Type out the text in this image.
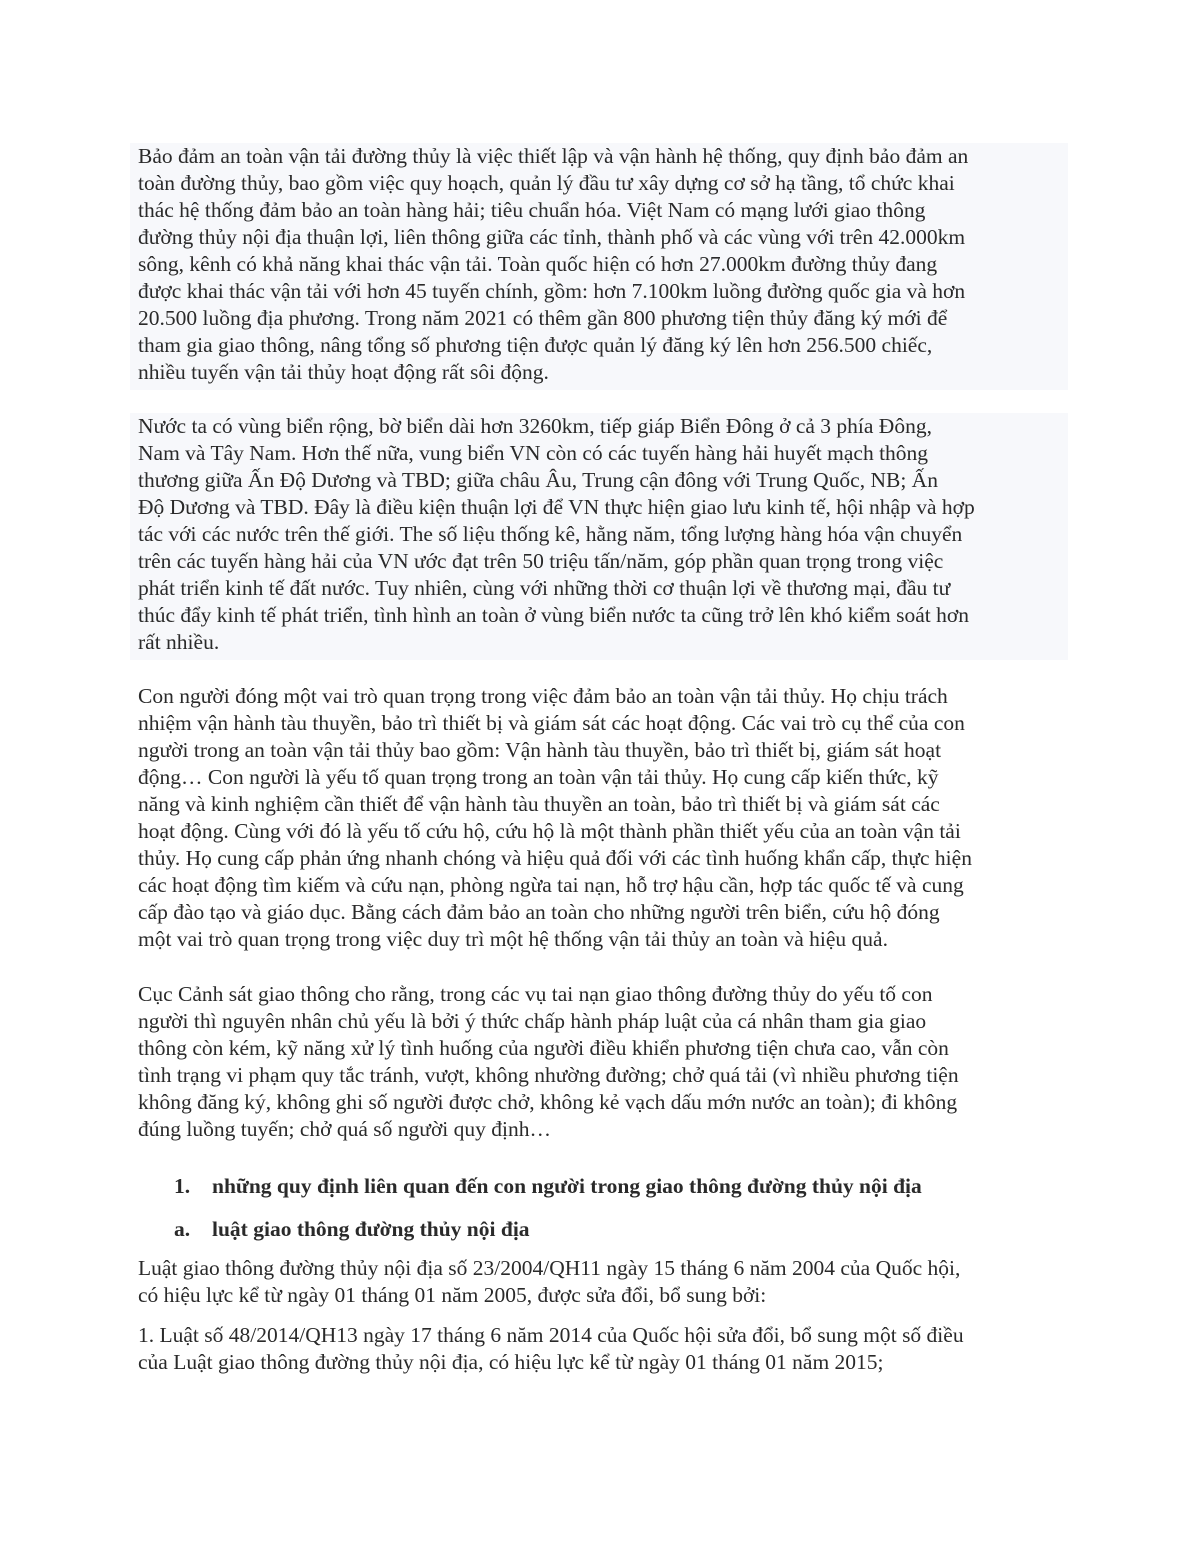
Bảo đảm an toàn vận tải đường thủy là việc thiết lập và vận hành hệ thống, quy định bảo đảm an
toàn đường thủy, bao gồm việc quy hoạch, quản lý đầu tư xây dựng cơ sở hạ tầng, tổ chức khai
thác hệ thống đảm bảo an toàn hàng hải; tiêu chuẩn hóa. Việt Nam có mạng lưới giao thông
đường thủy nội địa thuận lợi, liên thông giữa các tỉnh, thành phố và các vùng với trên 42.000km
sông, kênh có khả năng khai thác vận tải. Toàn quốc hiện có hơn 27.000km đường thủy đang
được khai thác vận tải với hơn 45 tuyến chính, gồm: hơn 7.100km luồng đường quốc gia và hơn
20.500 luồng địa phương. Trong năm 2021 có thêm gần 800 phương tiện thủy đăng ký mới để
tham gia giao thông, nâng tổng số phương tiện được quản lý đăng ký lên hơn 256.500 chiếc,
nhiều tuyến vận tải thủy hoạt động rất sôi động.
Nước ta có vùng biển rộng, bờ biển dài hơn 3260km, tiếp giáp Biển Đông ở cả 3 phía Đông,
Nam và Tây Nam. Hơn thế nữa, vung biển VN còn có các tuyến hàng hải huyết mạch thông
thương giữa Ấn Độ Dương và TBD; giữa châu Âu, Trung cận đông với Trung Quốc, NB; Ấn
Độ Dương và TBD. Đây là điều kiện thuận lợi để VN thực hiện giao lưu kinh tế, hội nhập và hợp
tác với các nước trên thế giới. The số liệu thống kê, hằng năm, tổng lượng hàng hóa vận chuyển
trên các tuyến hàng hải của VN ước đạt trên 50 triệu tấn/năm, góp phần quan trọng trong việc
phát triển kinh tế đất nước. Tuy nhiên, cùng với những thời cơ thuận lợi về thương mại, đầu tư
thúc đẩy kinh tế phát triển, tình hình an toàn ở vùng biển nước ta cũng trở lên khó kiểm soát hơn
rất nhiều.
Con người đóng một vai trò quan trọng trong việc đảm bảo an toàn vận tải thủy. Họ chịu trách
nhiệm vận hành tàu thuyền, bảo trì thiết bị và giám sát các hoạt động. Các vai trò cụ thể của con
người trong an toàn vận tải thủy bao gồm: Vận hành tàu thuyền, bảo trì thiết bị, giám sát hoạt
động… Con người là yếu tố quan trọng trong an toàn vận tải thủy. Họ cung cấp kiến thức, kỹ
năng và kinh nghiệm cần thiết để vận hành tàu thuyền an toàn, bảo trì thiết bị và giám sát các
hoạt động. Cùng với đó là yếu tố cứu hộ, cứu hộ là một thành phần thiết yếu của an toàn vận tải
thủy. Họ cung cấp phản ứng nhanh chóng và hiệu quả đối với các tình huống khẩn cấp, thực hiện
các hoạt động tìm kiếm và cứu nạn, phòng ngừa tai nạn, hỗ trợ hậu cần, hợp tác quốc tế và cung
cấp đào tạo và giáo dục. Bằng cách đảm bảo an toàn cho những người trên biển, cứu hộ đóng
một vai trò quan trọng trong việc duy trì một hệ thống vận tải thủy an toàn và hiệu quả.
Cục Cảnh sát giao thông cho rằng, trong các vụ tai nạn giao thông đường thủy do yếu tố con
người thì nguyên nhân chủ yếu là bởi ý thức chấp hành pháp luật của cá nhân tham gia giao
thông còn kém, kỹ năng xử lý tình huống của người điều khiển phương tiện chưa cao, vẫn còn
tình trạng vi phạm quy tắc tránh, vượt, không nhường đường; chở quá tải (vì nhiều phương tiện
không đăng ký, không ghi số người được chở, không kẻ vạch dấu mớn nước an toàn); đi không
đúng luồng tuyến; chở quá số người quy định…
1. những quy định liên quan đến con người trong giao thông đường thủy nội địa
a. luật giao thông đường thủy nội địa
Luật giao thông đường thủy nội địa số 23/2004/QH11 ngày 15 tháng 6 năm 2004 của Quốc hội,
có hiệu lực kể từ ngày 01 tháng 01 năm 2005, được sửa đổi, bổ sung bởi:
1. Luật số 48/2014/QH13 ngày 17 tháng 6 năm 2014 của Quốc hội sửa đổi, bổ sung một số điều
của Luật giao thông đường thủy nội địa, có hiệu lực kể từ ngày 01 tháng 01 năm 2015;
